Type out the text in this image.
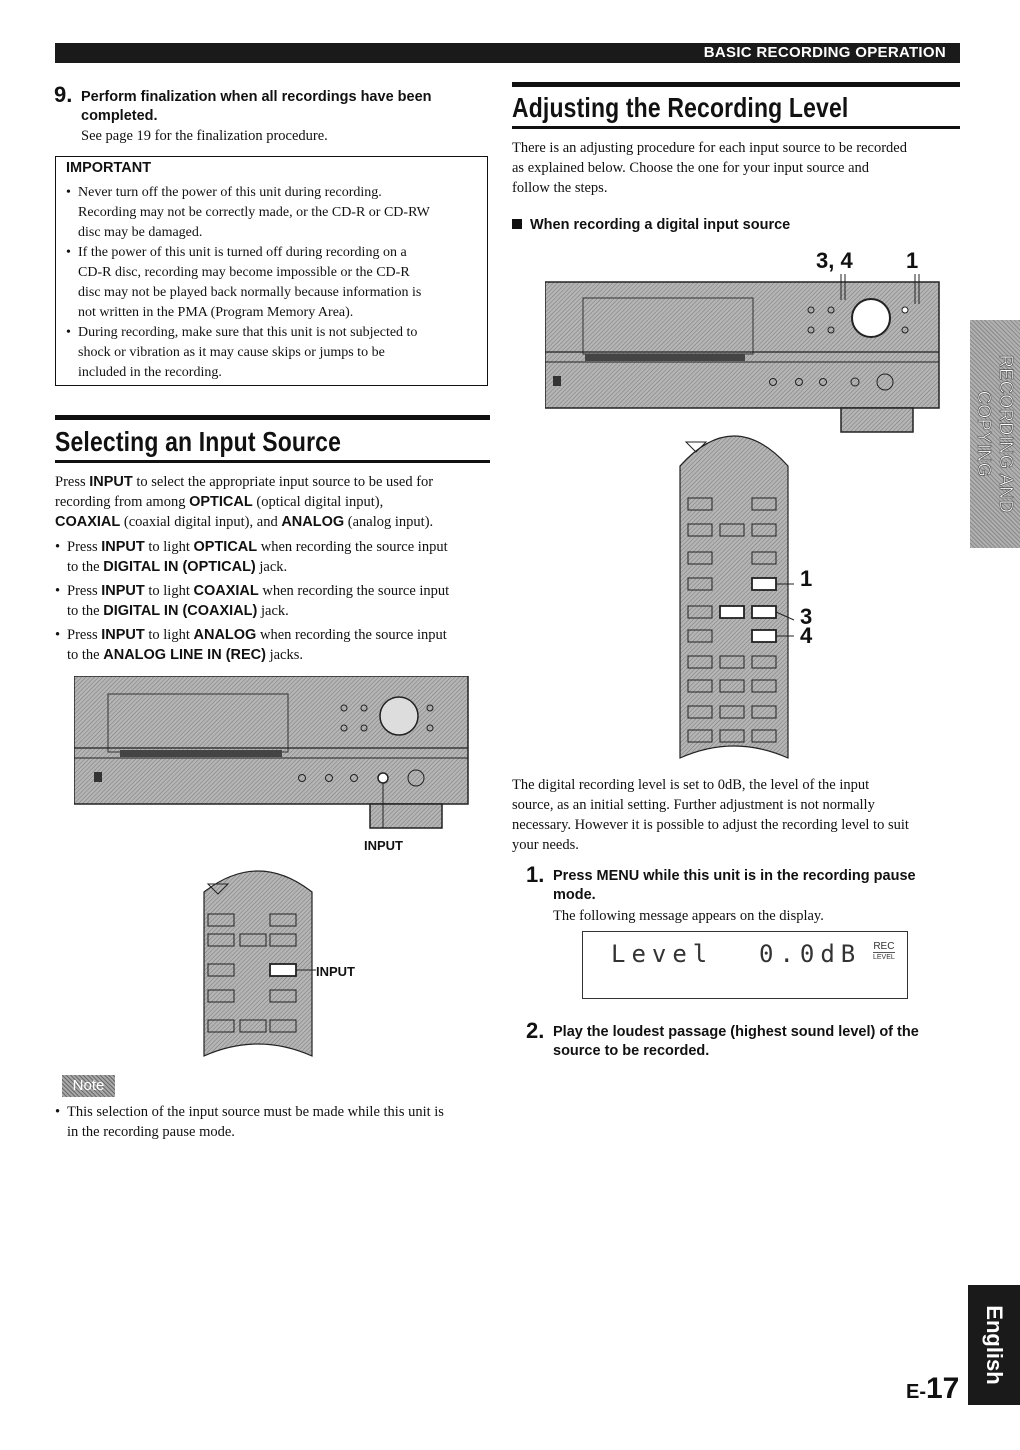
BASIC RECORDING OPERATION
9. Perform finalization when all recordings have been
completed.
See page 19 for the finalization procedure.
IMPORTANT
• Never turn off the power of this unit during recording.
Recording may not be correctly made, or the CD-R or CD-RW
disc may be damaged.
• If the power of this unit is turned off during recording on a
CD-R disc, recording may become impossible or the CD-R
disc may not be played back normally because information is
not written in the PMA (Program Memory Area).
• During recording, make sure that this unit is not subjected to
shock or vibration as it may cause skips or jumps to be
included in the recording.
Selecting an Input Source
Press INPUT to select the appropriate input source to be used for
recording from among OPTICAL (optical digital input),
COAXIAL (coaxial digital input), and ANALOG (analog input).
• Press INPUT to light OPTICAL when recording the source input
to the DIGITAL IN (OPTICAL) jack.
• Press INPUT to light COAXIAL when recording the source input
to the DIGITAL IN (COAXIAL) jack.
• Press INPUT to light ANALOG when recording the source input
to the ANALOG LINE IN (REC) jacks.
INPUT
INPUT
Note
• This selection of the input source must be made while this unit is
in the recording pause mode.
Adjusting the Recording Level
There is an adjusting procedure for each input source to be recorded
as explained below. Choose the one for your input source and
follow the steps.
When recording a digital input source
3, 4 1
1
3
4
The digital recording level is set to 0dB, the level of the input
source, as an initial setting. Further adjustment is not normally
necessary. However it is possible to adjust the recording level to suit
your needs.
1. Press MENU while this unit is in the recording pause
mode.
The following message appears on the display.
Level 0.0dB REC
LEVEL
2. Play the loudest passage (highest sound level) of the
source to be recorded.
RECORDING AND
COPYING
English
E-17
